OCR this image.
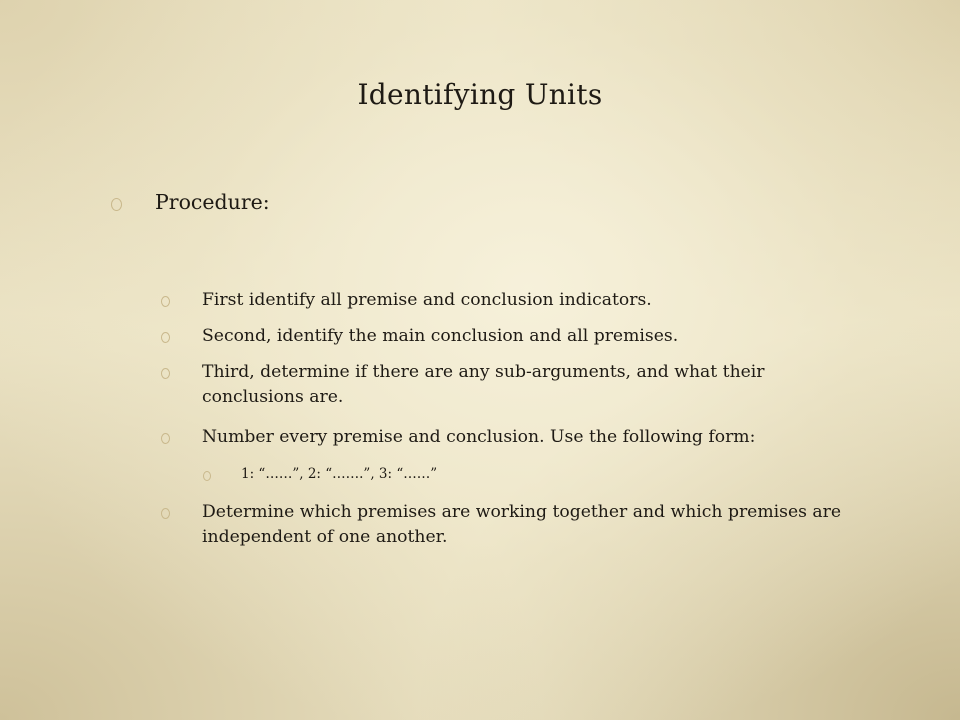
Identifying Units
Procedure:
First identify all premise and conclusion indicators.
Second, identify the main conclusion and all premises.
Third, determine if there are any sub-arguments, and what their conclusions are.
Number every premise and conclusion. Use the following form:
1: “……”, 2: “…….”, 3: “……”
Determine which premises are working together and which premises are independent of one another.
